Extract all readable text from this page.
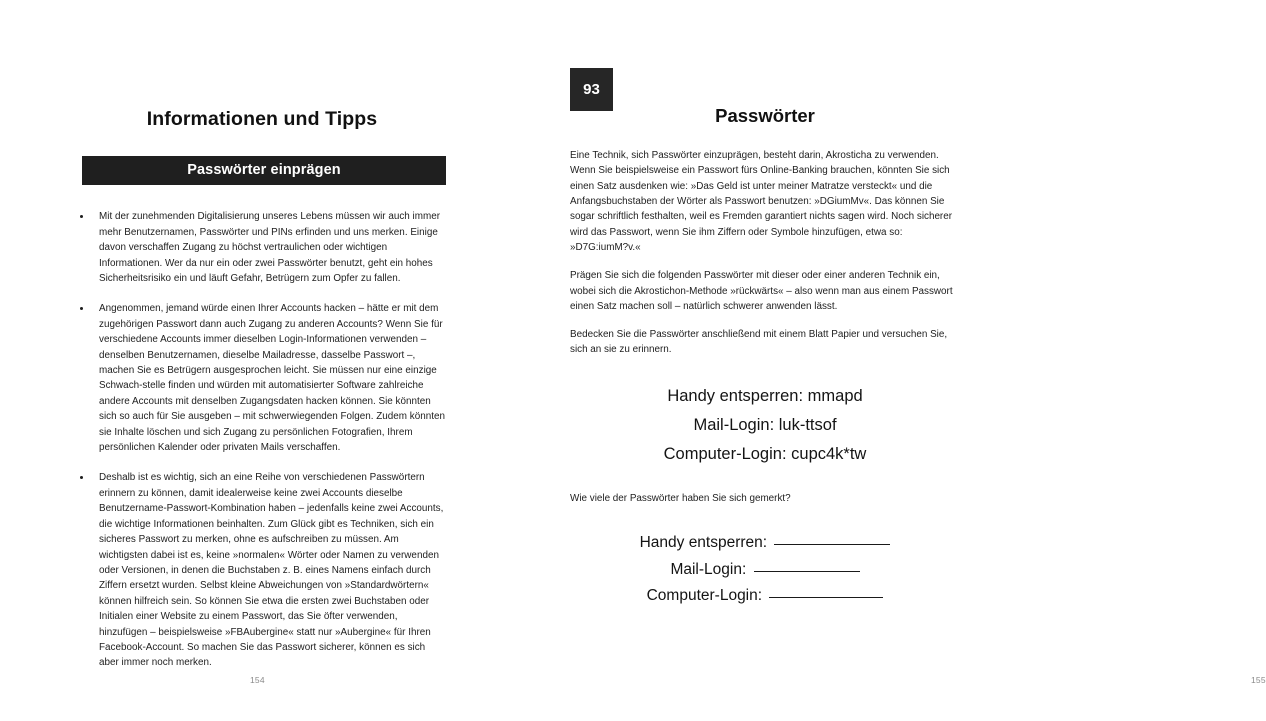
Informationen und Tipps
Passwörter einprägen
Mit der zunehmenden Digitalisierung unseres Lebens müssen wir auch immer mehr Benutzernamen, Passwörter und PINs erfinden und uns merken. Einige davon verschaffen Zugang zu höchst vertraulichen oder wichtigen Informationen. Wer da nur ein oder zwei Passwörter benutzt, geht ein hohes Sicherheitsrisiko ein und läuft Gefahr, Betrügern zum Opfer zu fallen.
Angenommen, jemand würde einen Ihrer Accounts hacken – hätte er mit dem zugehörigen Passwort dann auch Zugang zu anderen Accounts? Wenn Sie für verschiedene Accounts immer dieselben Login-Informationen verwenden – denselben Benutzernamen, dieselbe Mailadresse, dasselbe Passwort –, machen Sie es Betrügern ausgesprochen leicht. Sie müssen nur eine einzige Schwach-stelle finden und würden mit automatisierter Software zahlreiche andere Accounts mit denselben Zugangsdaten hacken können. Sie könnten sich so auch für Sie ausgeben – mit schwerwiegenden Folgen. Zudem könnten sie Inhalte löschen und sich Zugang zu persönlichen Fotografien, Ihrem persönlichen Kalender oder privaten Mails verschaffen.
Deshalb ist es wichtig, sich an eine Reihe von verschiedenen Passwörtern erinnern zu können, damit idealerweise keine zwei Accounts dieselbe Benutzername-Passwort-Kombination haben – jedenfalls keine zwei Accounts, die wichtige Informationen beinhalten. Zum Glück gibt es Techniken, sich ein sicheres Passwort zu merken, ohne es aufschreiben zu müssen. Am wichtigsten dabei ist es, keine »normalen« Wörter oder Namen zu verwenden oder Versionen, in denen die Buchstaben z. B. eines Namens einfach durch Ziffern ersetzt wurden. Selbst kleine Abweichungen von »Standardwörtern« können hilfreich sein. So können Sie etwa die ersten zwei Buchstaben oder Initialen einer Website zu einem Passwort, das Sie öfter verwenden, hinzufügen – beispielsweise »FBAubergine« statt nur »Aubergine« für Ihren Facebook-Account. So machen Sie das Passwort sicherer, können es sich aber immer noch merken.
154
93
Passwörter

Eine Technik, sich Passwörter einzuprägen, besteht darin, Akrosticha zu verwenden. Wenn Sie beispielsweise ein Passwort fürs Online-Banking brauchen, könnten Sie sich einen Satz ausdenken wie: »Das Geld ist unter meiner Matratze versteckt« und die Anfangsbuchstaben der Wörter als Passwort benutzen: »DGiumMv«. Das können Sie sogar schriftlich festhalten, weil es Fremden garantiert nichts sagen wird. Noch sicherer wird das Passwort, wenn Sie ihm Ziffern oder Symbole hinzufügen, etwa so: »D7G:iumM?v.«

Prägen Sie sich die folgenden Passwörter mit dieser oder einer anderen Technik ein, wobei sich die Akrostichon-Methode »rückwärts« – also wenn man aus einem Passwort einen Satz machen soll – natürlich schwerer anwenden lässt.

Bedecken Sie die Passwörter anschließend mit einem Blatt Papier und versuchen Sie, sich an sie zu erinnern.

Handy entsperren: mmapd
Mail-Login: luk-ttsof
Computer-Login: cupc4k*tw
Wie viele der Passwörter haben Sie sich gemerkt?
Handy entsperren:
Mail-Login:
Computer-Login:
155
